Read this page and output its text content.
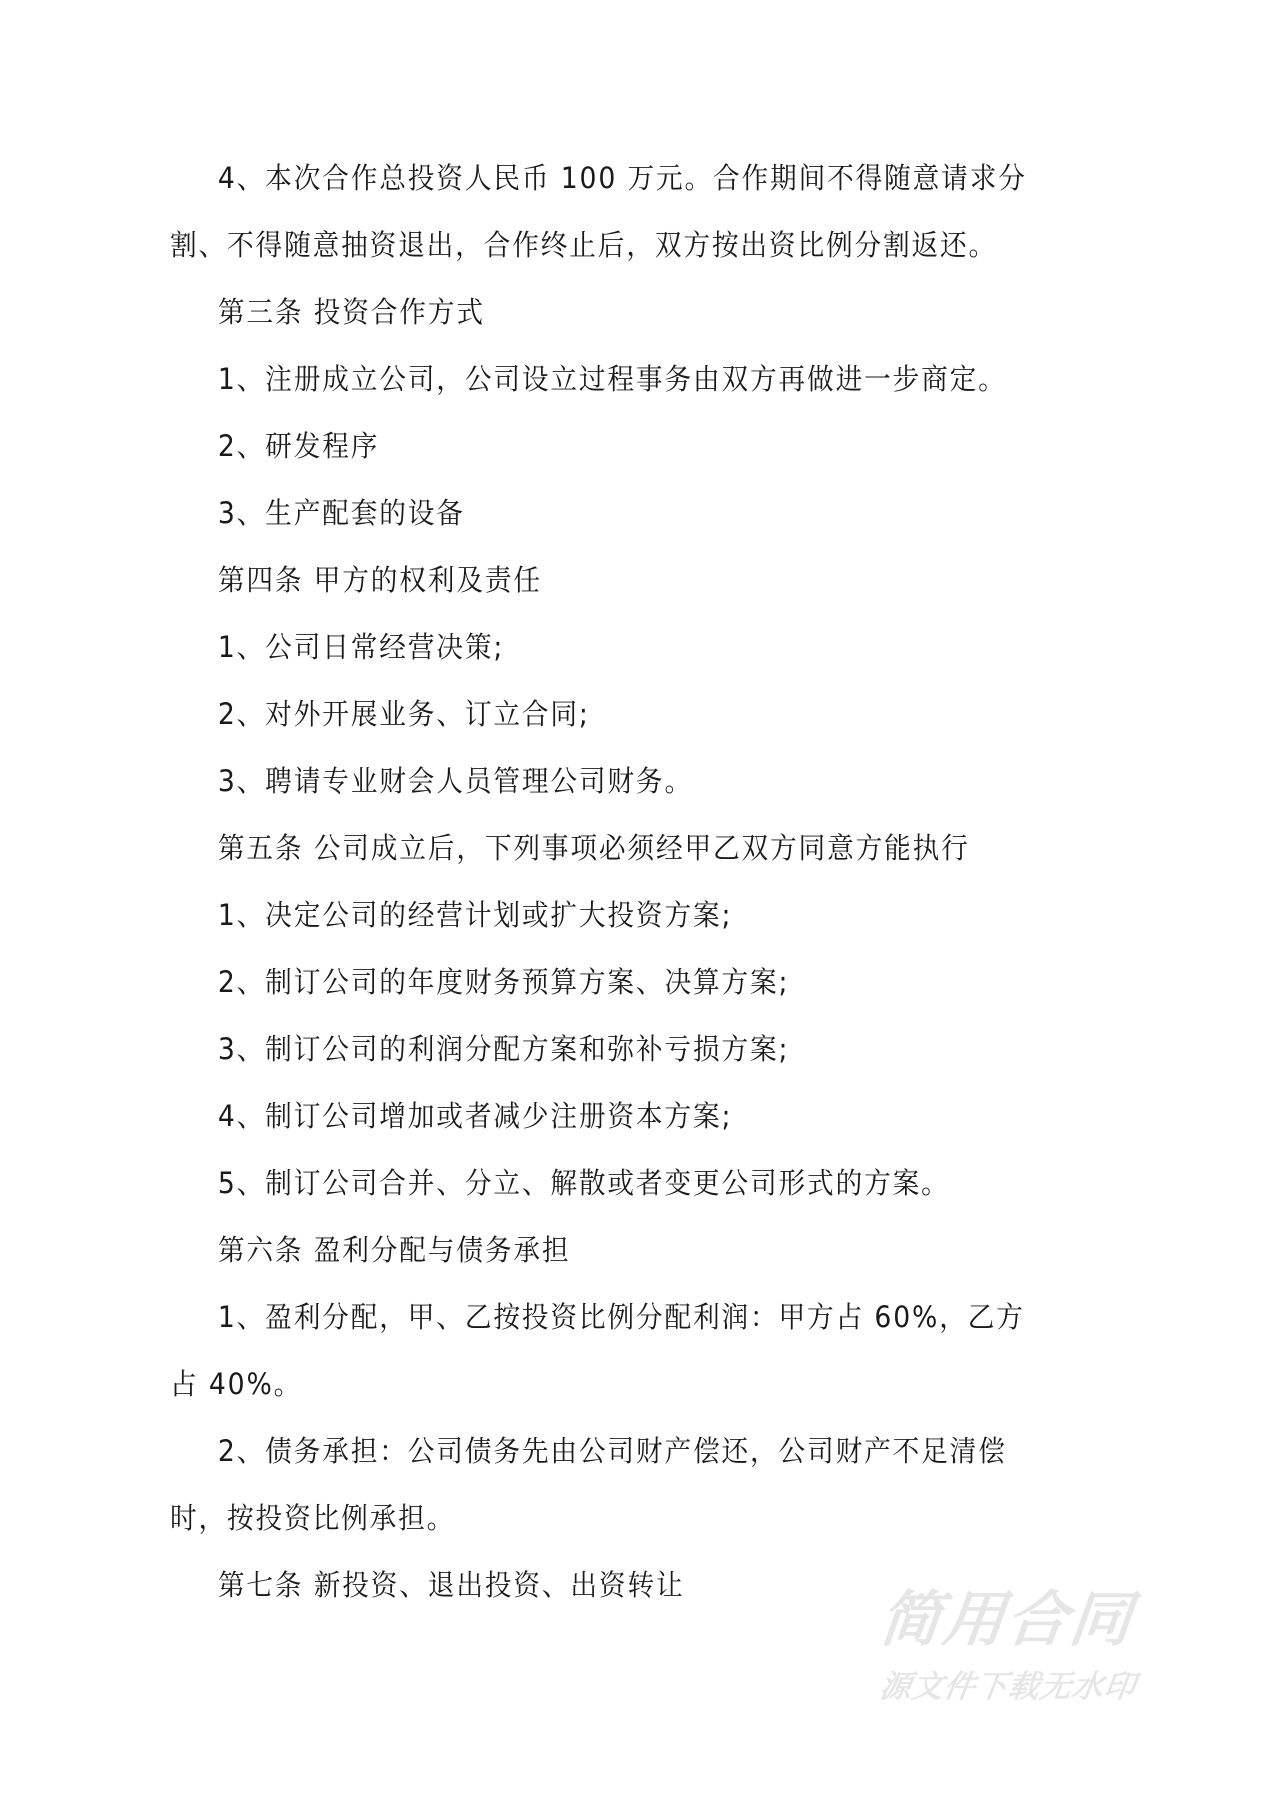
4、本次合作总投资人民币 100 万元。合作期间不得随意请求分
割、不得随意抽资退出，合作终止后，双方按出资比例分割返还。
第三条 投资合作方式
1、注册成立公司，公司设立过程事务由双方再做进一步商定。
2、研发程序
3、生产配套的设备
第四条 甲方的权利及责任
1、公司日常经营决策;
2、对外开展业务、订立合同;
3、聘请专业财会人员管理公司财务。
第五条 公司成立后，下列事项必须经甲乙双方同意方能执行
1、决定公司的经营计划或扩大投资方案;
2、制订公司的年度财务预算方案、决算方案;
3、制订公司的利润分配方案和弥补亏损方案;
4、制订公司增加或者减少注册资本方案;
5、制订公司合并、分立、解散或者变更公司形式的方案。
第六条 盈利分配与债务承担
1、盈利分配，甲、乙按投资比例分配利润：甲方占 60%，乙方
占 40%。
2、债务承担：公司债务先由公司财产偿还，公司财产不足清偿
时，按投资比例承担。
第七条 新投资、退出投资、出资转让	简用合同
源文件下载无水印
